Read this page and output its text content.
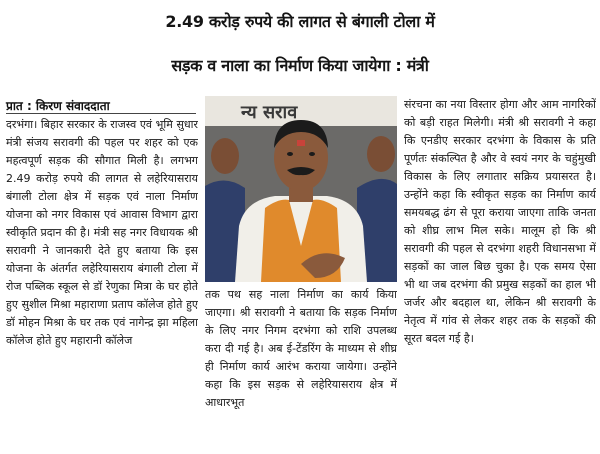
2.49 करोड़ रुपये की लागत से बंगाली टोला में
सड़क व नाला का निर्माण किया जायेगा : मंत्री
प्रात : किरण संवाददाता

दरभंगा। बिहार सरकार के राजस्व एवं भूमि सुधार मंत्री संजय सरावगी की पहल पर शहर को एक महत्वपूर्ण सड़क की सौगात मिली है। लगभग 2.49 करोड़ रुपये की लागत से लहेरियासराय बंगाली टोला क्षेत्र में सड़क एवं नाला निर्माण योजना को नगर विकास एवं आवास विभाग द्वारा स्वीकृति प्रदान की है। मंत्री सह नगर विधायक श्री सरावगी ने जानकारी देते हुए बताया कि इस योजना के अंतर्गत लहेरियासराय बंगाली टोला में रोज पब्लिक स्कूल से डॉ रेणुका मित्रा के घर होते हुए सुशील मिश्रा महाराणा प्रताप कॉलेज होते हुए डॉ मोहन मिश्रा के घर तक एवं नागेन्द्र झा महिला कॉलेज होते हुए महारानी कॉलेज

न्य सराव

तक पथ सह नाला निर्माण का कार्य किया जाएगा। श्री सरावगी ने बताया कि सड़क निर्माण के लिए नगर निगम दरभंगा को राशि उपलब्ध करा दी गई है। अब ई-टेंडरिंग के माध्यम से शीघ्र ही निर्माण कार्य आरंभ कराया जायेगा। उन्होंने कहा कि इस सड़क से लहेरियासराय क्षेत्र में आधारभूत

संरचना का नया विस्तार होगा और आम नागरिकों को बड़ी राहत मिलेगी। मंत्री श्री सरावगी ने कहा कि एनडीए सरकार दरभंगा के विकास के प्रति पूर्णतः संकल्पित है और वे स्वयं नगर के चहुंमुखी विकास के लिए लगातार सक्रिय प्रयासरत है। उन्होंने कहा कि स्वीकृत सड़क का निर्माण कार्य समयबद्ध ढंग से पूरा कराया जाएगा ताकि जनता को शीघ्र लाभ मिल सके। मालूम हो कि श्री सरावगी की पहल से दरभंगा शहरी विधानसभा में सड़कों का जाल बिछ चुका है। एक समय ऐसा भी था जब दरभंगा की प्रमुख सड़कों का हाल भी जर्जर और बदहाल था, लेकिन श्री सरावगी के नेतृत्व में गांव से लेकर शहर तक के सड़कों की सूरत बदल गई है।
